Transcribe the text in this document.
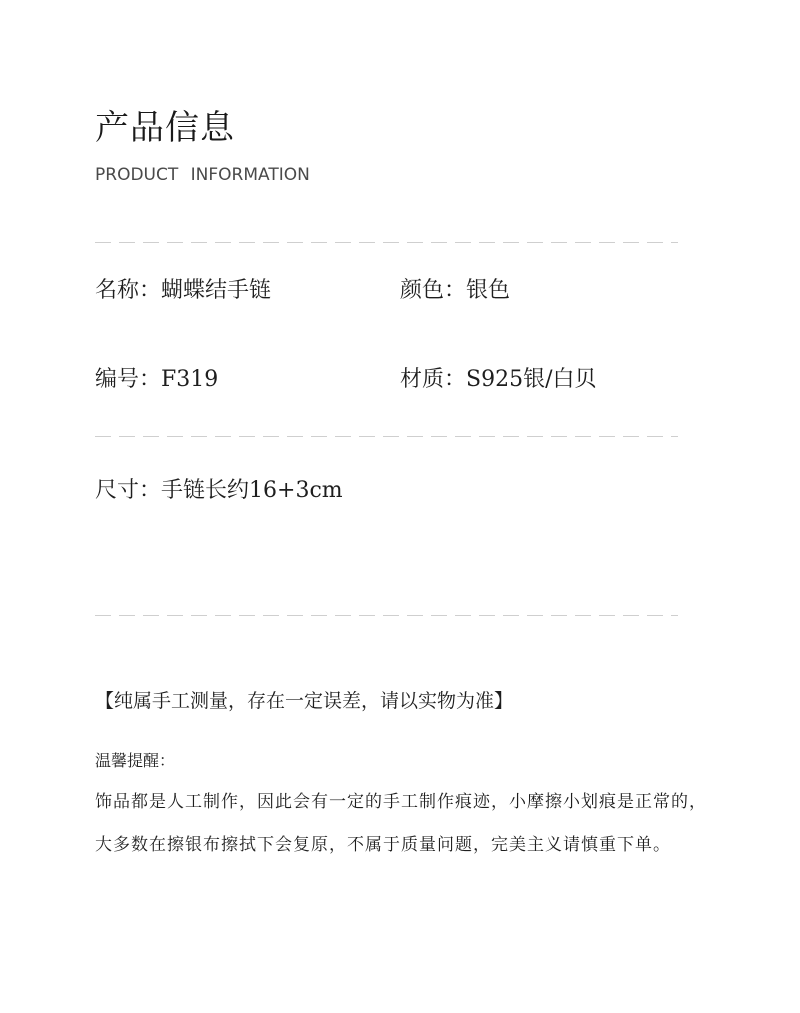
产品信息
PRODUCT INFORMATION
名称：蝴蝶结手链	颜色：银色
编号：F319	材质：S925银/白贝
尺寸：手链长约16+3cm
【纯属手工测量，存在一定误差，请以实物为准】
温馨提醒：
饰品都是人工制作，因此会有一定的手工制作痕迹，小摩擦小划痕是正常的，
大多数在擦银布擦拭下会复原，不属于质量问题，完美主义请慎重下单。
